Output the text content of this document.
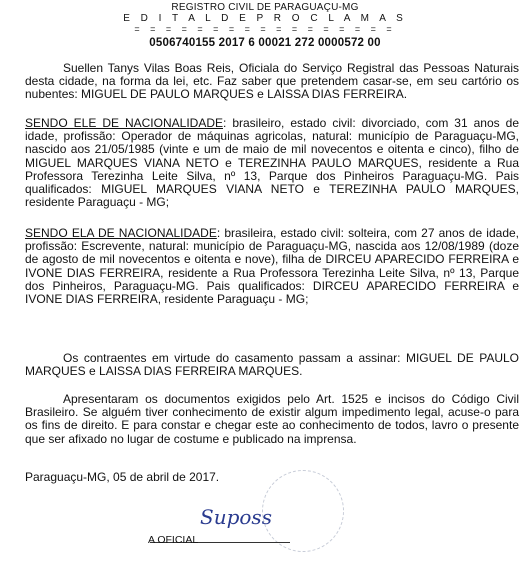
REGISTRO CIVIL DE PARAGUAÇU-MG
E D I T A L D E P R O C L A M A S
= = = = = = = = = = = = = = = = =
0506740155 2017 6 00021 272 0000572 00
Suellen Tanys Vilas Boas Reis, Oficiala do Serviço Registral das Pessoas Naturais desta cidade, na forma da lei, etc. Faz saber que pretendem casar-se, em seu cartório os nubentes: MIGUEL DE PAULO MARQUES e LAISSA DIAS FERREIRA.
SENDO ELE DE NACIONALIDADE: brasileiro, estado civil: divorciado, com 31 anos de idade, profissão: Operador de máquinas agricolas, natural: município de Paraguaçu-MG, nascido aos 21/05/1985 (vinte e um de maio de mil novecentos e oitenta e cinco), filho de MIGUEL MARQUES VIANA NETO e TEREZINHA PAULO MARQUES, residente a Rua Professora Terezinha Leite Silva, nº 13, Parque dos Pinheiros Paraguaçu-MG. Pais qualificados: MIGUEL MARQUES VIANA NETO e TEREZINHA PAULO MARQUES, residente Paraguaçu - MG;
SENDO ELA DE NACIONALIDADE: brasileira, estado civil: solteira, com 27 anos de idade, profissão: Escrevente, natural: município de Paraguaçu-MG, nascida aos 12/08/1989 (doze de agosto de mil novecentos e oitenta e nove), filha de DIRCEU APARECIDO FERREIRA e IVONE DIAS FERREIRA, residente a Rua Professora Terezinha Leite Silva, nº 13, Parque dos Pinheiros, Paraguaçu-MG. Pais qualificados: DIRCEU APARECIDO FERREIRA e IVONE DIAS FERREIRA, residente Paraguaçu - MG;
Os contraentes em virtude do casamento passam a assinar: MIGUEL DE PAULO MARQUES e LAISSA DIAS FERREIRA MARQUES.
Apresentaram os documentos exigidos pelo Art. 1525 e incisos do Código Civil Brasileiro. Se alguém tiver conhecimento de existir algum impedimento legal, acuse-o para os fins de direito. E para constar e chegar este ao conhecimento de todos, lavro o presente que ser afixado no lugar de costume e publicado na imprensa.
Paraguaçu-MG, 05 de abril de 2017.
Suposs
A OFICIAL
